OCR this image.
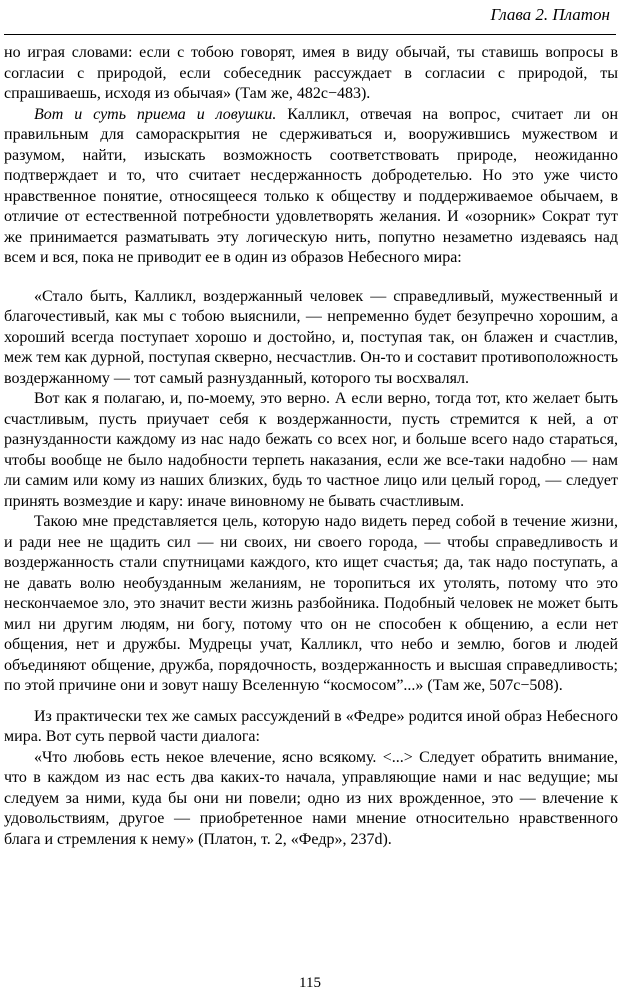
Глава 2. Платон

но играя словами: если с тобою говорят, имея в виду обычай, ты ставишь вопросы в согласии с природой, если собеседник рассуждает в согласии с природой, ты спрашиваешь, исходя из обычая» (Там же, 482c−483).

Вот и суть приема и ловушки. Калликл, отвечая на вопрос, считает ли он правильным для самораскрытия не сдерживаться и, вооружившись мужеством и разумом, найти, изыскать возможность соответствовать природе, неожиданно подтверждает и то, что считает несдержанность добродетелью. Но это уже чисто нравственное понятие, относящееся только к обществу и поддерживаемое обычаем, в отличие от естественной потребности удовлетворять желания. И «озорник» Сократ тут же принимается разматывать эту логическую нить, попутно незаметно издеваясь над всем и вся, пока не приводит ее в один из образов Небесного мира:

«Стало быть, Калликл, воздержанный человек — справедливый, мужественный и благочестивый, как мы с тобою выяснили, — непременно будет безупречно хорошим, а хороший всегда поступает хорошо и достойно, и, поступая так, он блажен и счастлив, меж тем как дурной, поступая скверно, несчастлив. Он-то и составит противоположность воздержанному — тот самый разнузданный, которого ты восхвалял.

Вот как я полагаю, и, по-моему, это верно. А если верно, тогда тот, кто желает быть счастливым, пусть приучает себя к воздержанности, пусть стремится к ней, а от разнузданности каждому из нас надо бежать со всех ног, и больше всего надо стараться, чтобы вообще не было надобности терпеть наказания, если же все-таки надобно — нам ли самим или кому из наших близких, будь то частное лицо или целый город, — следует принять возмездие и кару: иначе виновному не бывать счастливым.

Такою мне представляется цель, которую надо видеть перед собой в течение жизни, и ради нее не щадить сил — ни своих, ни своего города, — чтобы справедливость и воздержанность стали спутницами каждого, кто ищет счастья; да, так надо поступать, а не давать волю необузданным желаниям, не торопиться их утолять, потому что это нескончаемое зло, это значит вести жизнь разбойника. Подобный человек не может быть мил ни другим людям, ни богу, потому что он не способен к общению, а если нет общения, нет и дружбы. Мудрецы учат, Калликл, что небо и землю, богов и людей объединяют общение, дружба, порядочность, воздержанность и высшая справедливость; по этой причине они и зовут нашу Вселенную “космосом”...» (Там же, 507c−508).

Из практически тех же самых рассуждений в «Федре» родится иной образ Небесного мира. Вот суть первой части диалога:

«Что любовь есть некое влечение, ясно всякому. <...> Следует обратить внимание, что в каждом из нас есть два каких-то начала, управляющие нами и нас ведущие; мы следуем за ними, куда бы они ни повели; одно из них врожденное, это — влечение к удовольствиям, другое — приобретенное нами мнение относительно нравственного блага и стремления к нему» (Платон, т. 2, «Федр», 237d).

115
